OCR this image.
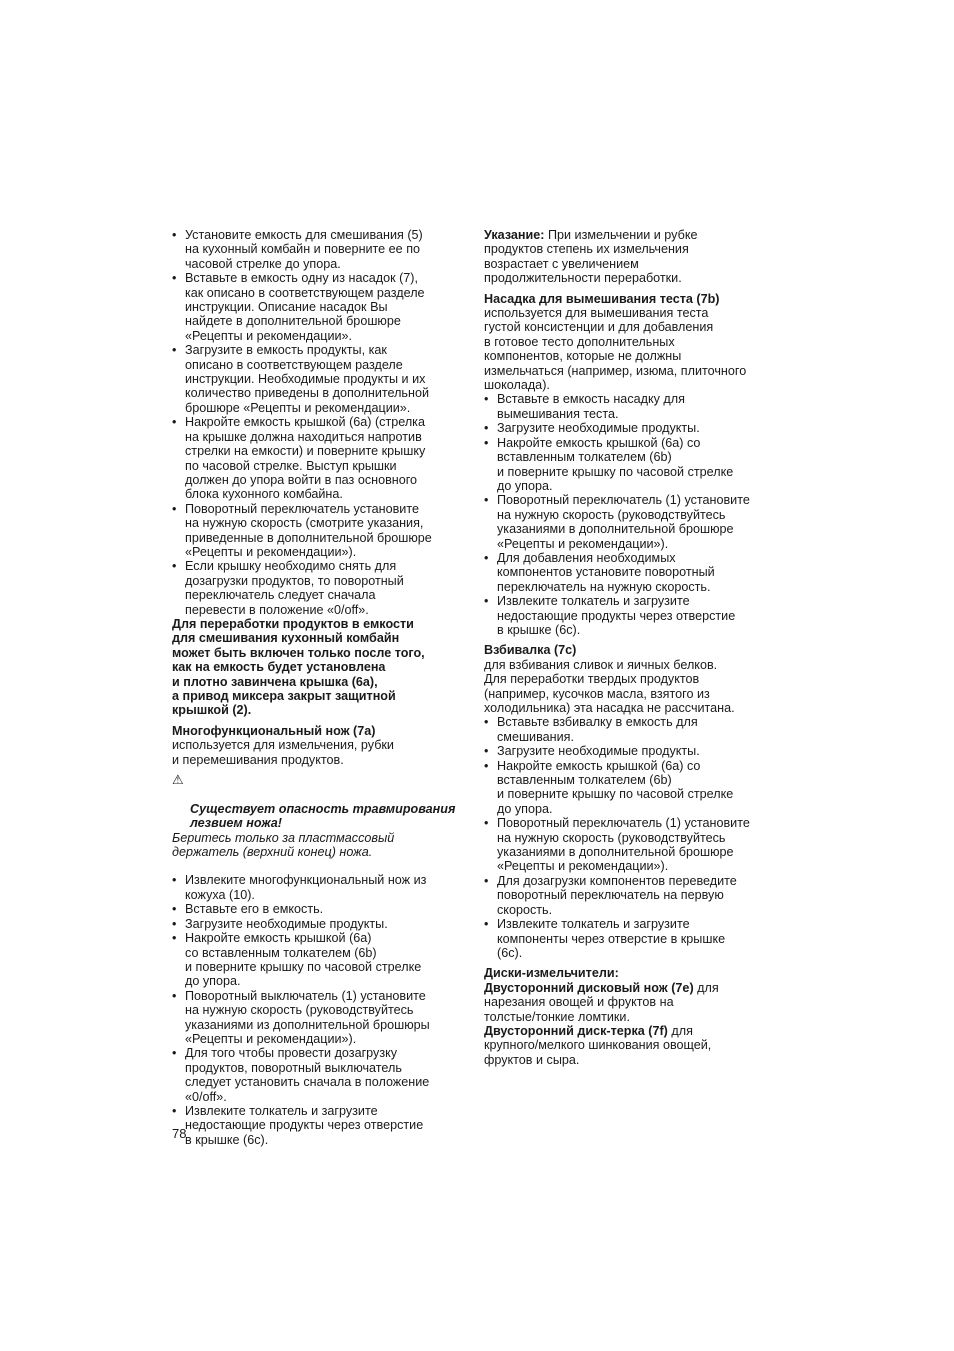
• Установите емкость для смешивания (5)
на кухонный комбайн и поверните ее по
часовой стрелке до упора.
• Вставьте в емкость одну из насадок (7),
как описано в соответствующем разделе
инструкции. Описание насадок Вы
найдете в дополнительной брошюре
«Рецепты и рекомендации».
• Загрузите в емкость продукты, как
описано в соответствующем разделе
инструкции. Необходимые продукты и их
количество приведены в дополнительной
брошюре «Рецепты и рекомендации».
• Накройте емкость крышкой (6а) (стрелка
на крышке должна находиться напротив
стрелки на емкости) и поверните крышку
по часовой стрелке. Выступ крышки
должен до упора войти в паз основного
блока кухонного комбайна.
• Поворотный переключатель установите
на нужную скорость (смотрите указания,
приведенные в дополнительной брошюре
«Рецепты и рекомендации»).
• Если крышку необходимо снять для
дозагрузки продуктов, то поворотный
переключатель следует сначала
перевести в положение «0/off».
Для переработки продуктов в емкости
для смешивания кухонный комбайн
может быть включен только после того,
как на емкость будет установлена
и плотно завинчена крышка (6а),
а привод миксера закрыт защитной
крышкой (2).
Многофункциональный нож (7а)
используется для измельчения, рубки
и перемешивания продуктов.

⚠

Существует опасность травмирования
лезвием ножа!

Беритесь только за пластмассовый
держатель (верхний конец) ножа.
• Извлеките многофункциональный нож из
кожуха (10).
• Вставьте его в емкость.
• Загрузите необходимые продукты.
• Накройте емкость крышкой (6а)
со вставленным толкателем (6b)
и поверните крышку по часовой стрелке
до упора.
• Поворотный выключатель (1) установите
на нужную скорость (руководствуйтесь
указаниями из дополнительной брошюры
«Рецепты и рекомендации»).
• Для того чтобы провести дозагрузку
продуктов, поворотный выключатель
следует установить сначала в положение
«0/off».
• Извлеките толкатель и загрузите
недостающие продукты через отверстие
в крышке (6с).
Указание: При измельчении и рубке
продуктов степень их измельчения
возрастает с увеличением
продолжительности переработки.
Насадка для вымешивания теста (7b)
используется для вымешивания теста
густой консистенции и для добавления
в готовое тесто дополнительных
компонентов, которые не должны
измельчаться (например, изюма, плиточного
шоколада).
• Вставьте в емкость насадку для
вымешивания теста.
• Загрузите необходимые продукты.
• Накройте емкость крышкой (6а) со
вставленным толкателем (6b)
и поверните крышку по часовой стрелке
до упора.
• Поворотный переключатель (1) установите
на нужную скорость (руководствуйтесь
указаниями в дополнительной брошюре
«Рецепты и рекомендации»).
• Для добавления необходимых
компонентов установите поворотный
переключатель на нужную скорость.
• Извлеките толкатель и загрузите
недостающие продукты через отверстие
в крышке (6с).
Взбивалка (7с)
для взбивания сливок и яичных белков.
Для переработки твердых продуктов
(например, кусочков масла, взятого из
холодильника) эта насадка не рассчитана.
• Вставьте взбивалку в емкость для
смешивания.
• Загрузите необходимые продукты.
• Накройте емкость крышкой (6а) со
вставленным толкателем (6b)
и поверните крышку по часовой стрелке
до упора.
• Поворотный переключатель (1) установите
на нужную скорость (руководствуйтесь
указаниями в дополнительной брошюре
«Рецепты и рекомендации»).
• Для дозагрузки компонентов переведите
поворотный переключатель на первую
скорость.
• Извлеките толкатель и загрузите
компоненты через отверстие в крышке
(6с).
Диски-измельчители:
Двусторонний дисковый нож (7е) для
нарезания овощей и фруктов на
толстые/тонкие ломтики.
Двусторонний диск-терка (7f) для
крупного/мелкого шинкования овощей,
фруктов и сыра.
78
